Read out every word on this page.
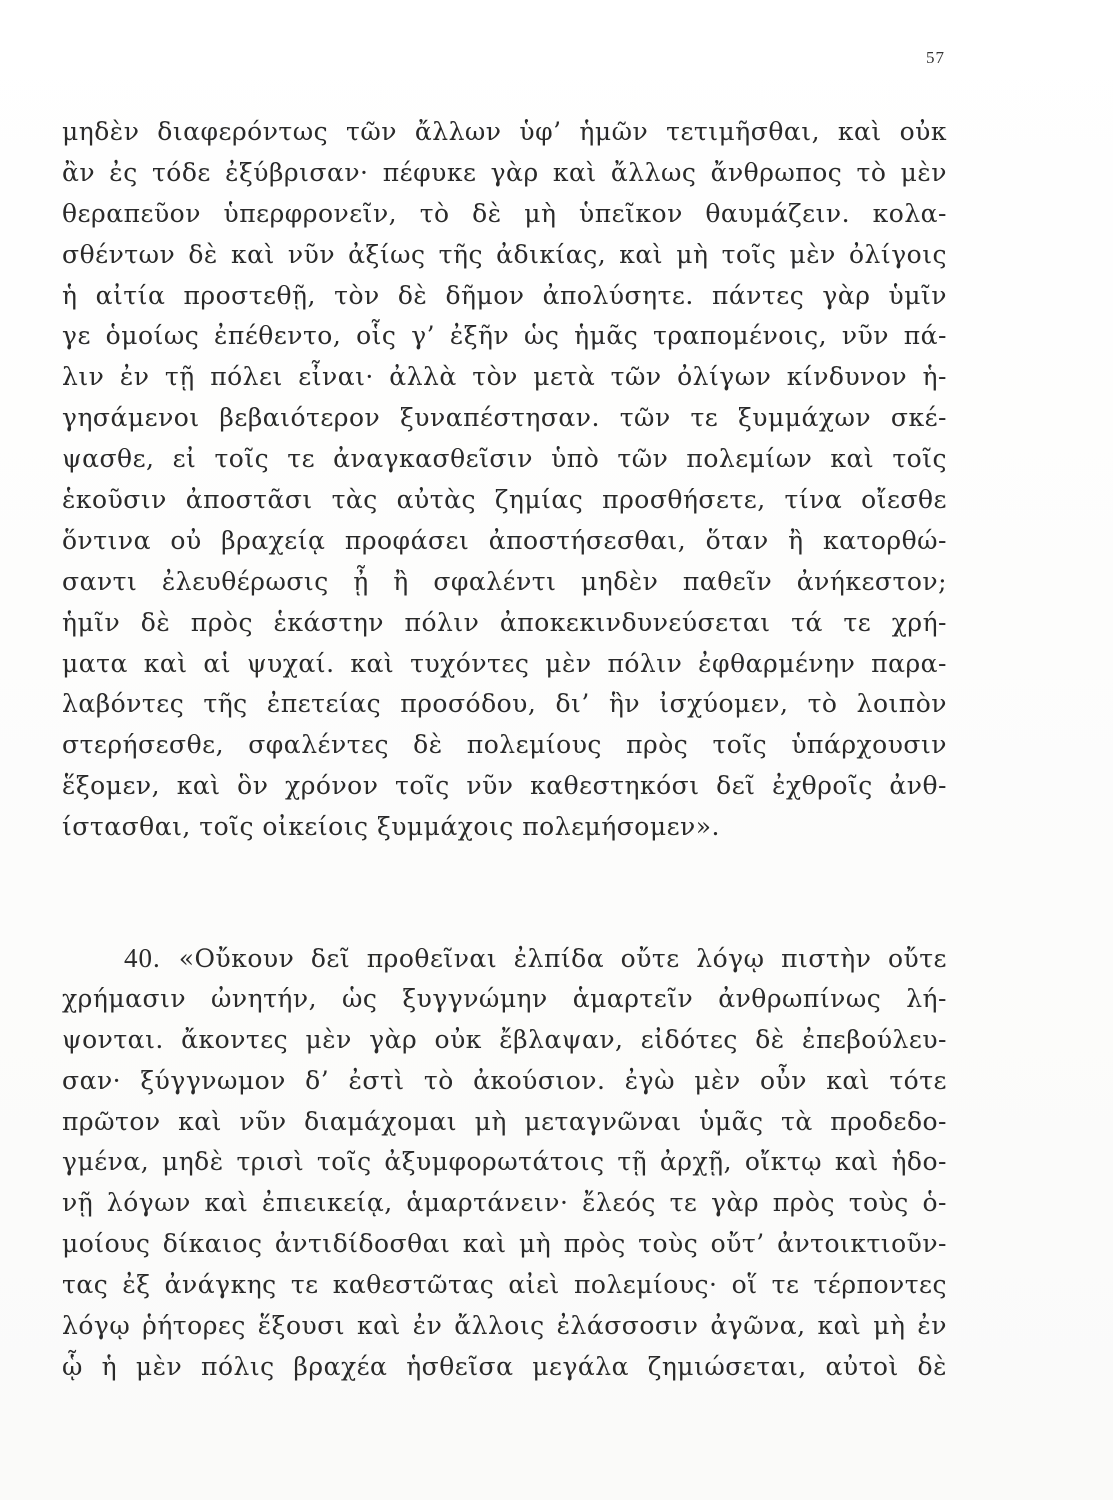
57
μηδὲν διαφερόντως τῶν ἄλλων ὑφ’ ἡμῶν τετιμῆσθαι, καὶ οὐκ
ἂν ἐς τόδε ἐξύβρισαν· πέφυκε γὰρ καὶ ἄλλως ἄνθρωπος τὸ μὲν
θεραπεῦον ὑπερφρονεῖν, τὸ δὲ μὴ ὑπεῖκον θαυμάζειν. κολα-
σθέντων δὲ καὶ νῦν ἀξίως τῆς ἀδικίας, καὶ μὴ τοῖς μὲν ὀλίγοις
ἡ αἰτία προστεθῇ, τὸν δὲ δῆμον ἀπολύσητε. πάντες γὰρ ὑμῖν
γε ὁμοίως ἐπέθεντο, οἷς γ’ ἐξῆν ὡς ἡμᾶς τραπομένοις, νῦν πά-
λιν ἐν τῇ πόλει εἶναι· ἀλλὰ τὸν μετὰ τῶν ὀλίγων κίνδυνον ἡ-
γησάμενοι βεβαιότερον ξυναπέστησαν. τῶν τε ξυμμάχων σκέ-
ψασθε, εἰ τοῖς τε ἀναγκασθεῖσιν ὑπὸ τῶν πολεμίων καὶ τοῖς
ἑκοῦσιν ἀποστᾶσι τὰς αὐτὰς ζημίας προσθήσετε, τίνα οἴεσθε
ὅντινα οὐ βραχείᾳ προφάσει ἀποστήσεσθαι, ὅταν ἢ κατορθώ-
σαντι ἐλευθέρωσις ᾖ ἢ σφαλέντι μηδὲν παθεῖν ἀνήκεστον;
ἡμῖν δὲ πρὸς ἑκάστην πόλιν ἀποκεκινδυνεύσεται τά τε χρή-
ματα καὶ αἱ ψυχαί. καὶ τυχόντες μὲν πόλιν ἐφθαρμένην παρα-
λαβόντες τῆς ἐπετείας προσόδου, δι’ ἣν ἰσχύομεν, τὸ λοιπὸν
στερήσεσθε, σφαλέντες δὲ πολεμίους πρὸς τοῖς ὑπάρχουσιν
ἕξομεν, καὶ ὃν χρόνον τοῖς νῦν καθεστηκόσι δεῖ ἐχθροῖς ἀνθ-
ίστασθαι, τοῖς οἰκείοις ξυμμάχοις πολεμήσομεν».
40. «Οὔκουν δεῖ προθεῖναι ἐλπίδα οὔτε λόγῳ πιστὴν οὔτε
χρήμασιν ὠνητήν, ὡς ξυγγνώμην ἁμαρτεῖν ἀνθρωπίνως λή-
ψονται. ἄκοντες μὲν γὰρ οὐκ ἔβλαψαν, εἰδότες δὲ ἐπεβούλευ-
σαν· ξύγγνωμον δ’ ἐστὶ τὸ ἀκούσιον. ἐγὼ μὲν οὖν καὶ τότε
πρῶτον καὶ νῦν διαμάχομαι μὴ μεταγνῶναι ὑμᾶς τὰ προδεδο-
γμένα, μηδὲ τρισὶ τοῖς ἀξυμφορωτάτοις τῇ ἀρχῇ, οἴκτῳ καὶ ἡδο-
νῇ λόγων καὶ ἐπιεικείᾳ, ἁμαρτάνειν· ἔλεός τε γὰρ πρὸς τοὺς ὁ-
μοίους δίκαιος ἀντιδίδοσθαι καὶ μὴ πρὸς τοὺς οὔτ’ ἀντοικτιοῦν-
τας ἐξ ἀνάγκης τε καθεστῶτας αἰεὶ πολεμίους· οἵ τε τέρποντες
λόγῳ ῥήτορες ἕξουσι καὶ ἐν ἄλλοις ἐλάσσοσιν ἀγῶνα, καὶ μὴ ἐν
ᾧ ἡ μὲν πόλις βραχέα ἡσθεῖσα μεγάλα ζημιώσεται, αὐτοὶ δὲ
